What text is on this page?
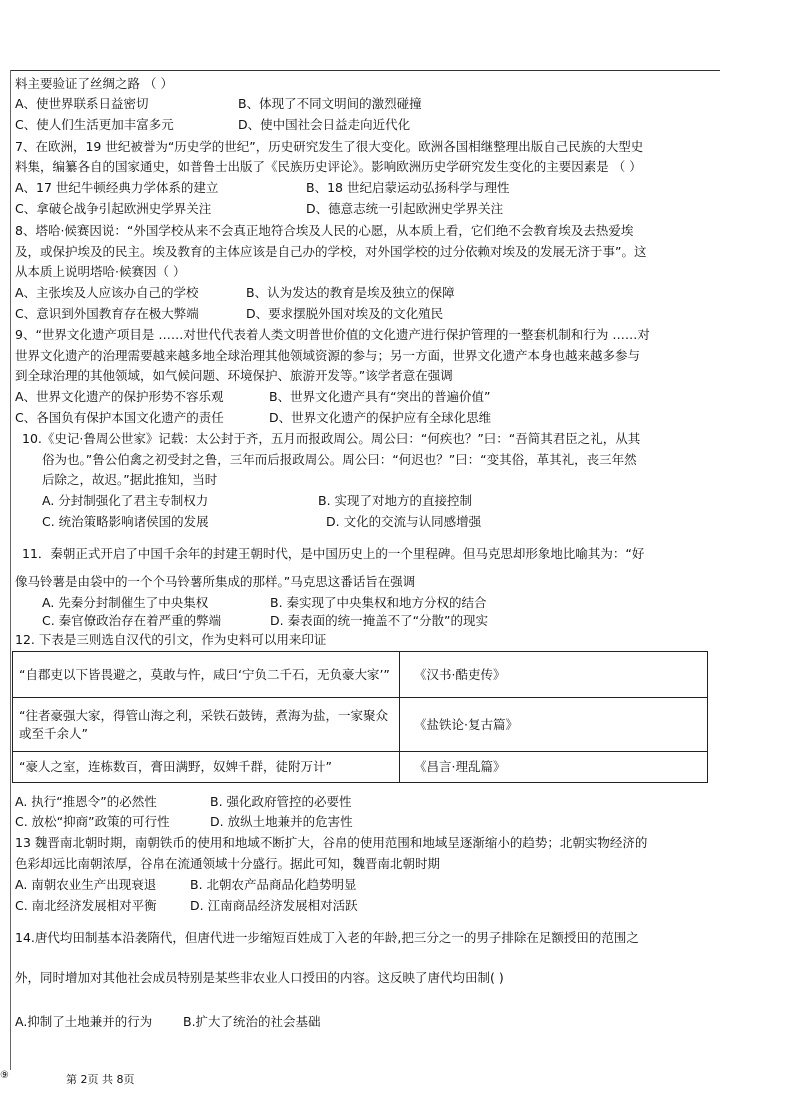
料主要验证了丝绸之路 （ ）
A、使世界联系日益密切	B、体现了不同文明间的激烈碰撞
C、使人们生活更加丰富多元	D、使中国社会日益走向近代化
7、在欧洲，19 世纪被誉为“历史学的世纪”，历史研究发生了很大变化。欧洲各国相继整理出版自己民族的大型史
料集，编纂各自的国家通史，如普鲁士出版了《民族历史评论》。影响欧洲历史学研究发生变化的主要因素是 （ ）
A、17 世纪牛顿经典力学体系的建立	B、18 世纪启蒙运动弘扬科学与理性
C、拿破仑战争引起欧洲史学界关注	D、德意志统一引起欧洲史学界关注
8、塔哈·候赛因说：“外国学校从来不会真正地符合埃及人民的心愿，从本质上看，它们绝不会教育埃及去热爱埃
及，或保护埃及的民主。埃及教育的主体应该是自己办的学校，对外国学校的过分依赖对埃及的发展无济于事”。这
从本质上说明塔哈·候赛因（ ）
A、主张埃及人应该办自己的学校	B、认为发达的教育是埃及独立的保障
C、意识到外国教育存在极大弊端	D、要求摆脱外国对埃及的文化殖民
9、“世界文化遗产项目是 ……对世代代表着人类文明普世价值的文化遗产进行保护管理的一整套机制和行为 ……对
世界文化遗产的治理需要越来越多地全球治理其他领域资源的参与；另一方面，世界文化遗产本身也越来越多参与
到全球治理的其他领域，如气候问题、环境保护、旅游开发等。”该学者意在强调
A、世界文化遗产的保护形势不容乐观	B、世界文化遗产具有“突出的普遍价值”
C、各国负有保护本国文化遗产的责任	D、世界文化遗产的保护应有全球化思维
10.《史记·鲁周公世家》记载：太公封于齐，五月而报政周公。周公曰：“何疾也？”曰：“吾简其君臣之礼，从其
俗为也。”鲁公伯禽之初受封之鲁，三年而后报政周公。周公曰：“何迟也？”曰：“变其俗，革其礼，丧三年然
后除之，故迟。”据此推知，当时
A. 分封制强化了君主专制权力	B. 实现了对地方的直接控制
C. 统治策略影响诸侯国的发展	D. 文化的交流与认同感增强
11．秦朝正式开启了中国千余年的封建王朝时代，是中国历史上的一个里程碑。但马克思却形象地比喻其为：“好
像马铃薯是由袋中的一个个马铃薯所集成的那样。”马克思这番话旨在强调
A. 先秦分封制催生了中央集权	B. 秦实现了中央集权和地方分权的结合
C. 秦官僚政治存在着严重的弊端	D. 秦表面的统一掩盖不了“分散”的现实
12. 下表是三则选自汉代的引文，作为史料可以用来印证
“自郡吏以下皆畏避之，莫敢与忤，咸曰‘宁负二千石，无负豪大家’”	《汉书·酷吏传》
“往者豪强大家，得管山海之利，采铁石鼓铸，煮海为盐，一家聚众或至千余人”	《盐铁论·复古篇》
“豪人之室，连栋数百，膏田满野，奴婢千群，徒附万计”	《昌言·理乱篇》
A. 执行“推恩令”的必然性	B. 强化政府管控的必要性
C. 放松“抑商”政策的可行性	D. 放纵土地兼并的危害性
13 魏晋南北朝时期，南朝铁币的使用和地域不断扩大，谷帛的使用范围和地域呈逐渐缩小的趋势；北朝实物经济的
色彩却远比南朝浓厚，谷帛在流通领域十分盛行。据此可知，魏晋南北朝时期
A. 南朝农业生产出现衰退	B. 北朝农产品商品化趋势明显
C. 南北经济发展相对平衡	D. 江南商品经济发展相对活跃
14.唐代均田制基本沿袭隋代，但唐代进一步缩短百姓成丁入老的年龄,把三分之一的男子排除在足额授田的范围之
外，同时增加对其他社会成员特别是某些非农业人口授田的内容。这反映了唐代均田制( )
A.抑制了土地兼并的行为 B.扩大了统治的社会基础
⑨	第 2页 共 8页
